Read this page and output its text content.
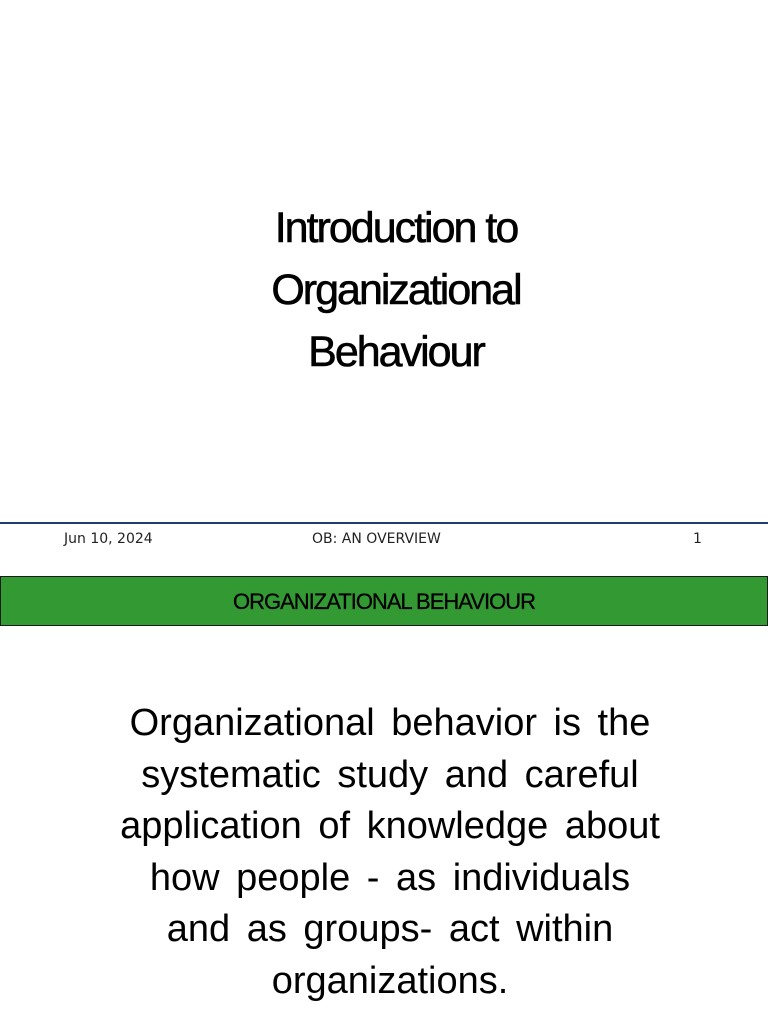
Introduction to
Organizational
Behaviour
Jun 10, 2024	OB: AN OVERVIEW	1
ORGANIZATIONAL BEHAVIOUR
Organizational behavior is the
systematic study and careful
application of knowledge about
how people - as individuals
and as groups- act within
organizations.
